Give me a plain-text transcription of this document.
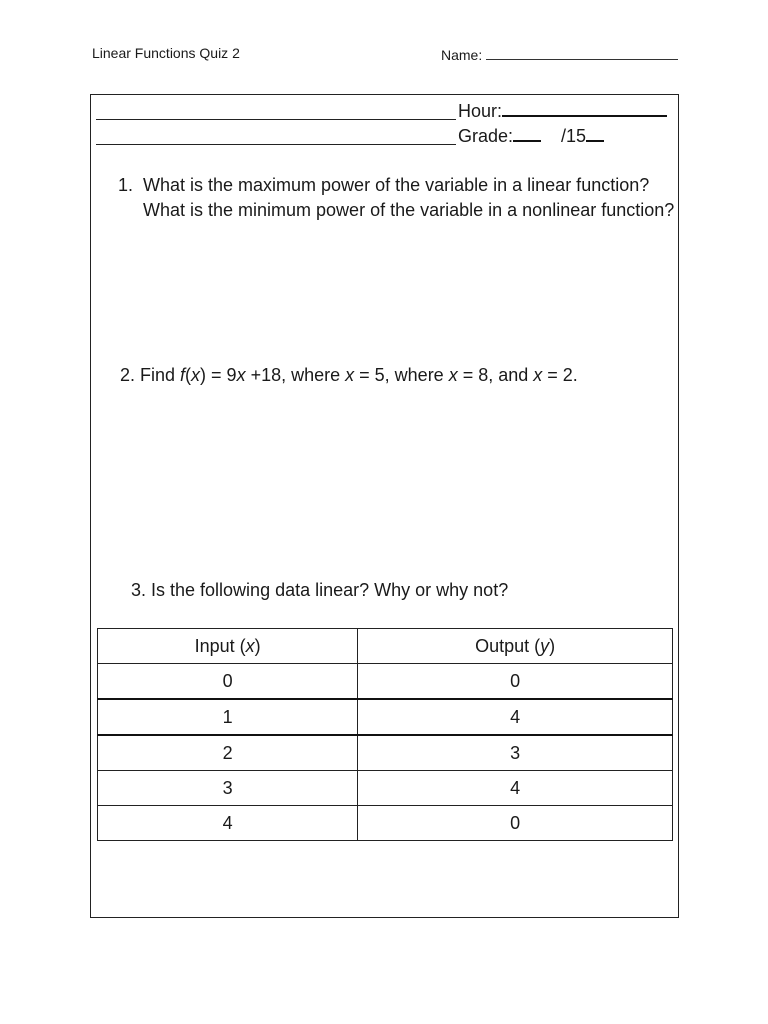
Linear Functions Quiz 2	Name:
Hour:
Grade:	/15
1. What is the maximum power of the variable in a linear function?
What is the minimum power of the variable in a nonlinear function?
2. Find f(x) = 9x +18, where x = 5, where x = 8, and x = 2.
3. Is the following data linear? Why or why not?
Input (x)	Output (y)
0	0
1	4
2	3
3	4
4	0
